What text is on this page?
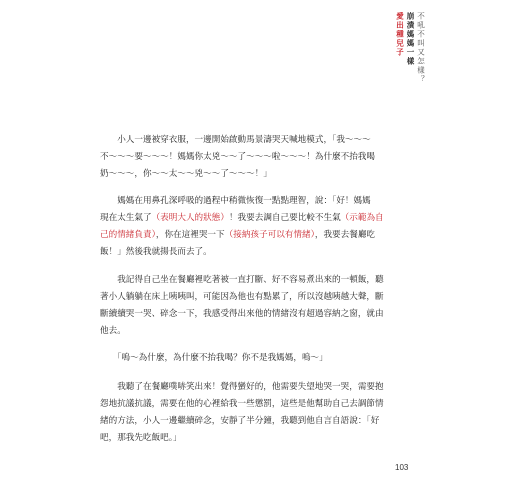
不吼不叫又怎樣？
崩潰媽媽一樣
愛出種兒子

　　小人一邊被穿衣服，一邊開始啟動馬景濤哭天喊地模式，「我～～～
不～～～要～～～！媽媽你太兇～～了～～～啦～～～！為什麼不抬我喝
奶～～～，你～～太～～兇～～了～～～！」

　　媽媽在用鼻孔深呼吸的過程中稍微恢復一點點理智，說：「好！媽媽
現在太生氣了（表明大人的狀態）！我要去調自己要比較不生氣（示範為自
己的情緒負責），你在這裡哭一下（接納孩子可以有情緒），我要去餐廳吃
飯！」然後我就揚長而去了。

　　我記得自己坐在餐廳裡吃著被一直打斷、好不容易煮出來的一頓飯，聽
著小人躺躺在床上咦咦叫，可能因為他也有點累了，所以沒越咦越大聲，斷
斷續續哭一哭、碎念一下，我感受得出來他的情緒沒有超過容納之窗，就由
他去。

　　「嗚～為什麼，為什麼不抬我喝？你不是我媽媽，嗚～」

　　我聽了在餐廳噗哧笑出來！覺得蠻好的，他需要失望地哭一哭，需要抱
怨地抗議抗議，需要在他的心裡給我一些懲罰，這些是他幫助自己去調節情
緒的方法，小人一邊繼續碎念，安靜了半分鐘，我聽到他自言自語說：「好
吧，那我先吃飯吧。」

103
